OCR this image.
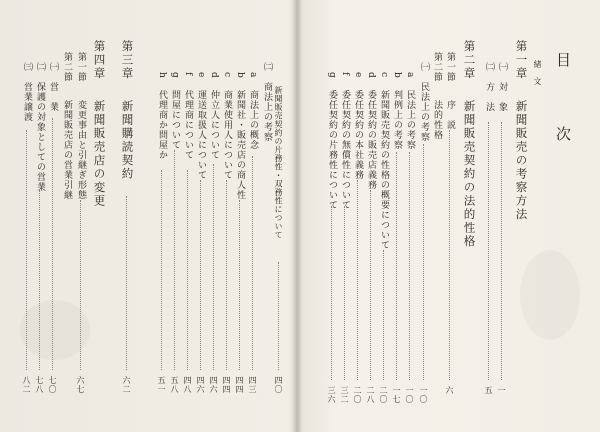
目　次
緒　文
第一章
新聞販売の考察方法
㈠
対　象
一
㈡
方　法
五
第二章
新聞販売契約の法的性格
第一節
序　説
六
第二節
法的性格
㈠
民法上の考察
一〇
a
民法上の考察
一〇
b
判例上の考察
一七
c
新聞販売契約の性格の概要について
二〇
d
委任契約の販売店義務
二八
e
委任契約の本社義務
二〇
f
委任契約の無償性について
三二
g
委任契約の片務性について
三六
㈡
商法上の考察 新聞販売契約の片務性・双務性について
四〇
a
商法上の概念
四三
b
新聞社・販売店の商人性
四四
c
商業使用人について
四四
d
仲立人について
四六
e
運送取扱人について
四六
f
代理商について
四八
g
問屋について
五八
h
代理商か問屋か
五一
第三章
新聞購読契約
六二
第四章
新聞販売店の変更
第一節
変更事由と引継ぎ形態
六七
第二節
新聞販売店の営業引継
㈠
営　業
七〇
㈡
保護の対象としての営業
七八
㈢
営業譲渡
八二
